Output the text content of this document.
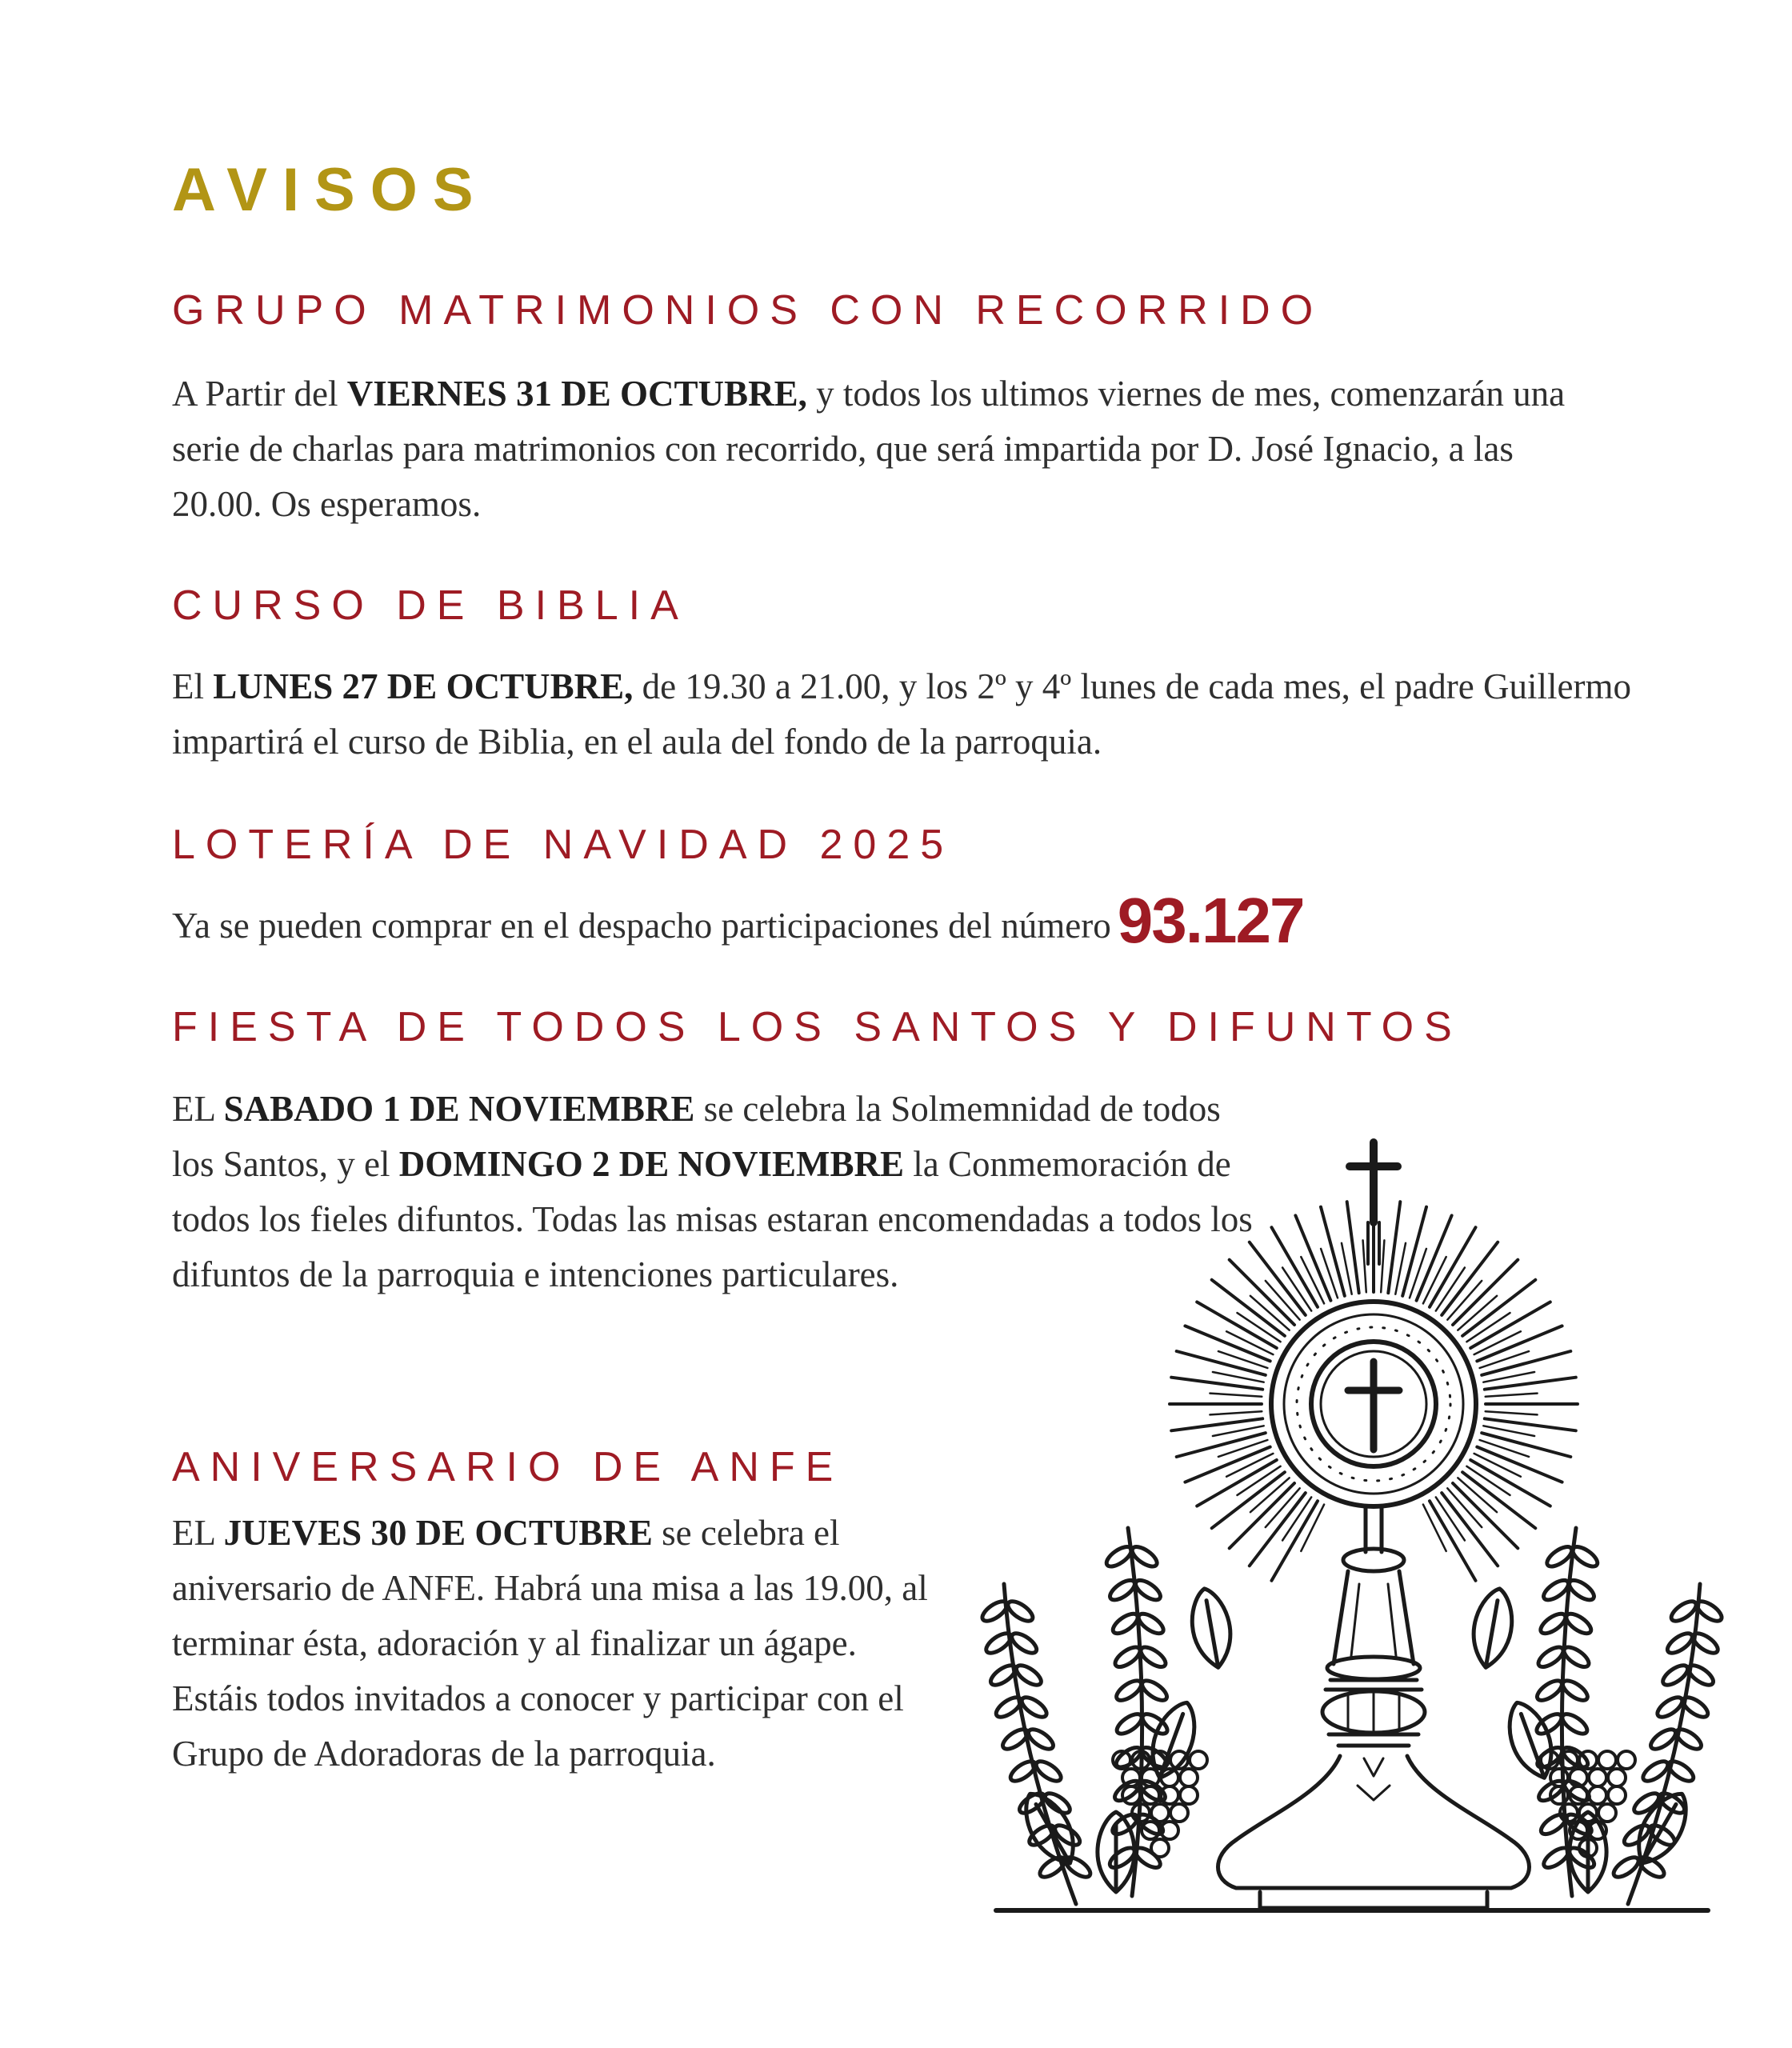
AVISOS
GRUPO MATRIMONIOS CON RECORRIDO

A Partir del VIERNES 31 DE OCTUBRE, y todos los ultimos viernes de mes, comenzarán una serie de charlas para matrimonios con recorrido, que será impartida por D. José Ignacio, a las 20.00. Os esperamos.

CURSO DE BIBLIA

El LUNES 27 DE OCTUBRE, de 19.30 a 21.00, y los 2º y 4º lunes de cada mes, el padre Guillermo impartirá el curso de Biblia, en el aula del fondo de la parroquia.

LOTERÍA DE NAVIDAD 2025

Ya se pueden comprar en el despacho participaciones del número 93.127

FIESTA DE TODOS LOS SANTOS Y DIFUNTOS

EL SABADO 1 DE NOVIEMBRE se celebra la Solmemnidad de todos los Santos, y el DOMINGO 2 DE NOVIEMBRE la Conmemoración de todos los fieles difuntos. Todas las misas estaran encomendadas a todos los difuntos de la parroquia e intenciones particulares.

ANIVERSARIO DE ANFE

EL JUEVES 30 DE OCTUBRE se celebra el aniversario de ANFE. Habrá una misa a las 19.00, al terminar ésta, adoración y al finalizar un ágape. Estáis todos invitados a conocer y participar con el Grupo de Adoradoras de la parroquia.
